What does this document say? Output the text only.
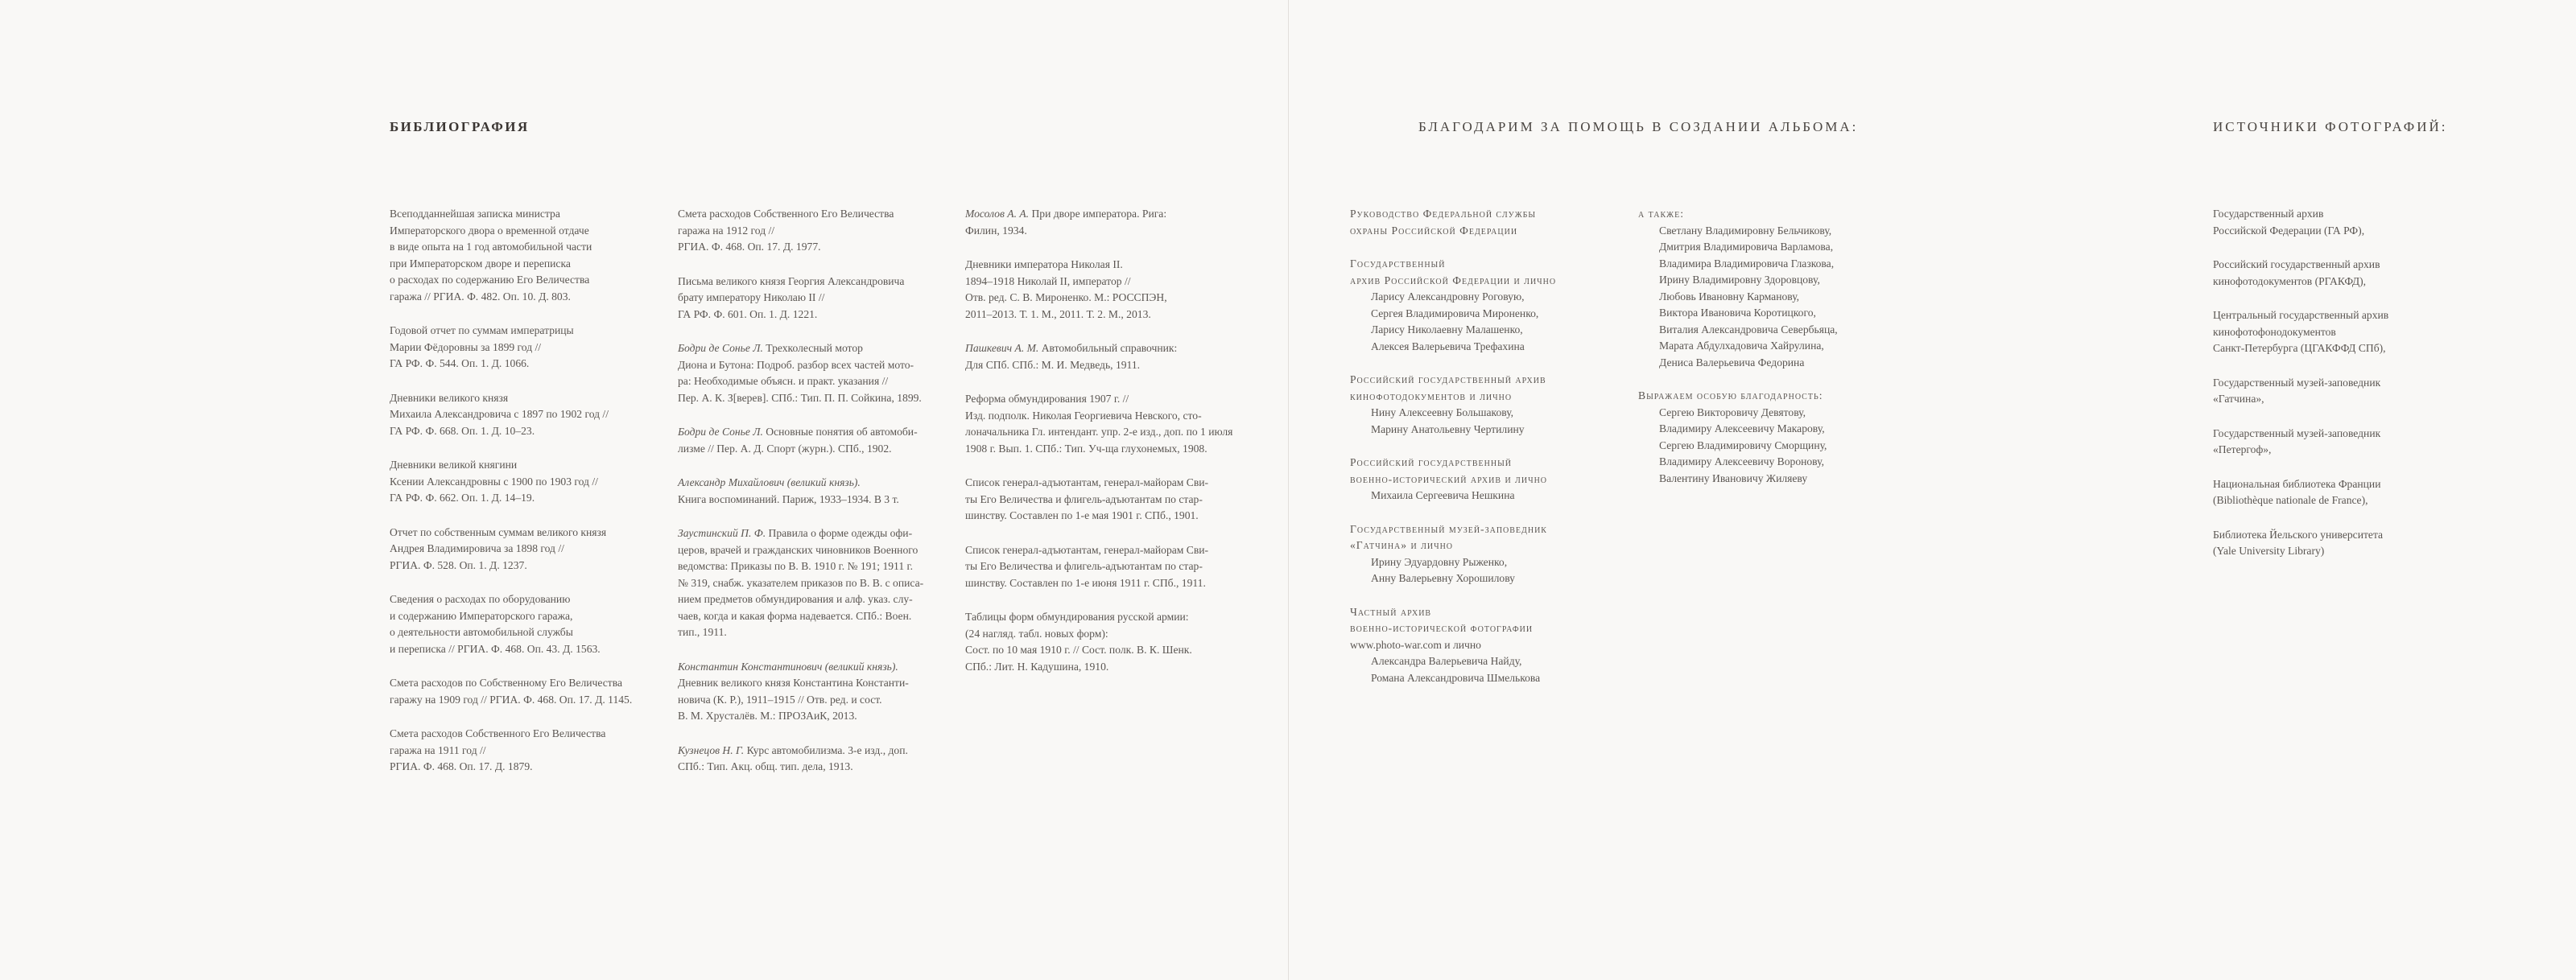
БИБЛИОГРАФИЯ
Всеподданнейшая записка министра
Императорского двора о временной отдаче
в виде опыта на 1 год автомобильной части
при Императорском дворе и переписка
о расходах по содержанию Его Величества
гаража // РГИА. Ф. 482. Оп. 10. Д. 803.
Годовой отчет по суммам императрицы
Марии Фёдоровны за 1899 год //
ГА РФ. Ф. 544. Оп. 1. Д. 1066.
Дневники великого князя
Михаила Александровича с 1897 по 1902 год //
ГА РФ. Ф. 668. Оп. 1. Д. 10–23.
Дневники великой княгини
Ксении Александровны с 1900 по 1903 год //
ГА РФ. Ф. 662. Оп. 1. Д. 14–19.
Отчет по собственным суммам великого князя
Андрея Владимировича за 1898 год //
РГИА. Ф. 528. Оп. 1. Д. 1237.
Сведения о расходах по оборудованию
и содержанию Императорского гаража,
о деятельности автомобильной службы
и переписка // РГИА. Ф. 468. Оп. 43. Д. 1563.
Смета расходов по Собственному Его Величества
гаражу на 1909 год // РГИА. Ф. 468. Оп. 17. Д. 1145.
Смета расходов Собственного Его Величества
гаража на 1911 год //
РГИА. Ф. 468. Оп. 17. Д. 1879.
Смета расходов Собственного Его Величества
гаража на 1912 год //
РГИА. Ф. 468. Оп. 17. Д. 1977.
Письма великого князя Георгия Александровича
брату императору Николаю II //
ГА РФ. Ф. 601. Оп. 1. Д. 1221.
Бодри де Сонье Л. Трехколесный мотор
Диона и Бутона: Подроб. разбор всех частей мото-
ра: Необходимые объясн. и практ. указания //
Пер. А. К. З[верев]. СПб.: Тип. П. П. Сойкина, 1899.
Бодри де Сонье Л. Основные понятия об автомоби-
лизме // Пер. А. Д. Спорт (журн.). СПб., 1902.
Александр Михайлович (великий князь).
Книга воспоминаний. Париж, 1933–1934. В 3 т.
Заустинский П. Ф. Правила о форме одежды офи-
церов, врачей и гражданских чиновников Военного
ведомства: Приказы по В. В. 1910 г. № 191; 1911 г.
№ 319, снабж. указателем приказов по В. В. с описа-
нием предметов обмундирования и алф. указ. слу-
чаев, когда и какая форма надевается. СПб.: Воен.
тип., 1911.
Константин Константинович (великий князь).
Дневник великого князя Константина Константи-
новича (К. Р.), 1911–1915 // Отв. ред. и сост.
В. М. Хрусталёв. М.: ПРОЗАиК, 2013.
Кузнецов Н. Г. Курс автомобилизма. 3-е изд., доп.
СПб.: Тип. Акц. общ. тип. дела, 1913.
Мосолов А. А. При дворе императора. Рига:
Филин, 1934.
Дневники императора Николая II.
1894–1918 Николай II, император //
Отв. ред. С. В. Мироненко. М.: РОССПЭН,
2011–2013. Т. 1. М., 2011. Т. 2. М., 2013.
Пашкевич А. М. Автомобильный справочник:
Для СПб. СПб.: М. И. Медведь, 1911.
Реформа обмундирования 1907 г. //
Изд. подполк. Николая Георгиевича Невского, сто-
лоначальника Гл. интендант. упр. 2-е изд., доп. по 1 июля
1908 г. Вып. 1. СПб.: Тип. Уч-ща глухонемых, 1908.
Список генерал-адъютантам, генерал-майорам Сви-
ты Его Величества и флигель-адъютантам по стар-
шинству. Составлен по 1-е мая 1901 г. СПб., 1901.
Список генерал-адъютантам, генерал-майорам Сви-
ты Его Величества и флигель-адъютантам по стар-
шинству. Составлен по 1-е июня 1911 г. СПб., 1911.
Таблицы форм обмундирования русской армии:
(24 нагляд. табл. новых форм):
Сост. по 10 мая 1910 г. // Сост. полк. В. К. Шенк.
СПб.: Лит. Н. Кадушина, 1910.
БЛАГОДАРИМ ЗА ПОМОЩЬ В СОЗДАНИИ АЛЬБОМА:
Руководство Федеральной службы
охраны Российской Федерации
Государственный
архив Российской Федерации и лично
Ларису Александровну Роговую,
Сергея Владимировича Мироненко,
Ларису Николаевну Малашенко,
Алексея Валерьевича Трефахина
Российский государственный архив
кинофотодокументов и лично
Нину Алексеевну Большакову,
Марину Анатольевну Чертилину
Российский государственный
военно-исторический архив и лично
Михаила Сергеевича Нешкина
Государственный музей-заповедник
«Гатчина» и лично
Ирину Эдуардовну Рыженко,
Анну Валерьевну Хорошилову
Частный архив
военно-исторической фотографии
www.photo-war.com и лично
Александра Валерьевича Найду,
Романа Александровича Шмелькова
а также:
Светлану Владимировну Бельчикову,
Дмитрия Владимировича Варламова,
Владимира Владимировича Глазкова,
Ирину Владимировну Здоровцову,
Любовь Ивановну Карманову,
Виктора Ивановича Коротицкого,
Виталия Александровича Севербьяца,
Марата Абдулхадовича Хайрулина,
Дениса Валерьевича Федорина
Выражаем особую благодарность:
Сергею Викторовичу Девятову,
Владимиру Алексеевичу Макарову,
Сергею Владимировичу Сморщину,
Владимиру Алексеевичу Воронову,
Валентину Ивановичу Жиляеву
ИСТОЧНИКИ ФОТОГРАФИЙ:
Государственный архив
Российской Федерации (ГА РФ),
Российский государственный архив
кинофотодокументов (РГАКФД),
Центральный государственный архив
кинофотофонодокументов
Санкт-Петербурга (ЦГАКФФД СПб),
Государственный музей-заповедник
«Гатчина»,
Государственный музей-заповедник
«Петергоф»,
Национальная библиотека Франции
(Bibliothèque nationale de France),
Библиотека Йельского университета
(Yale University Library)
